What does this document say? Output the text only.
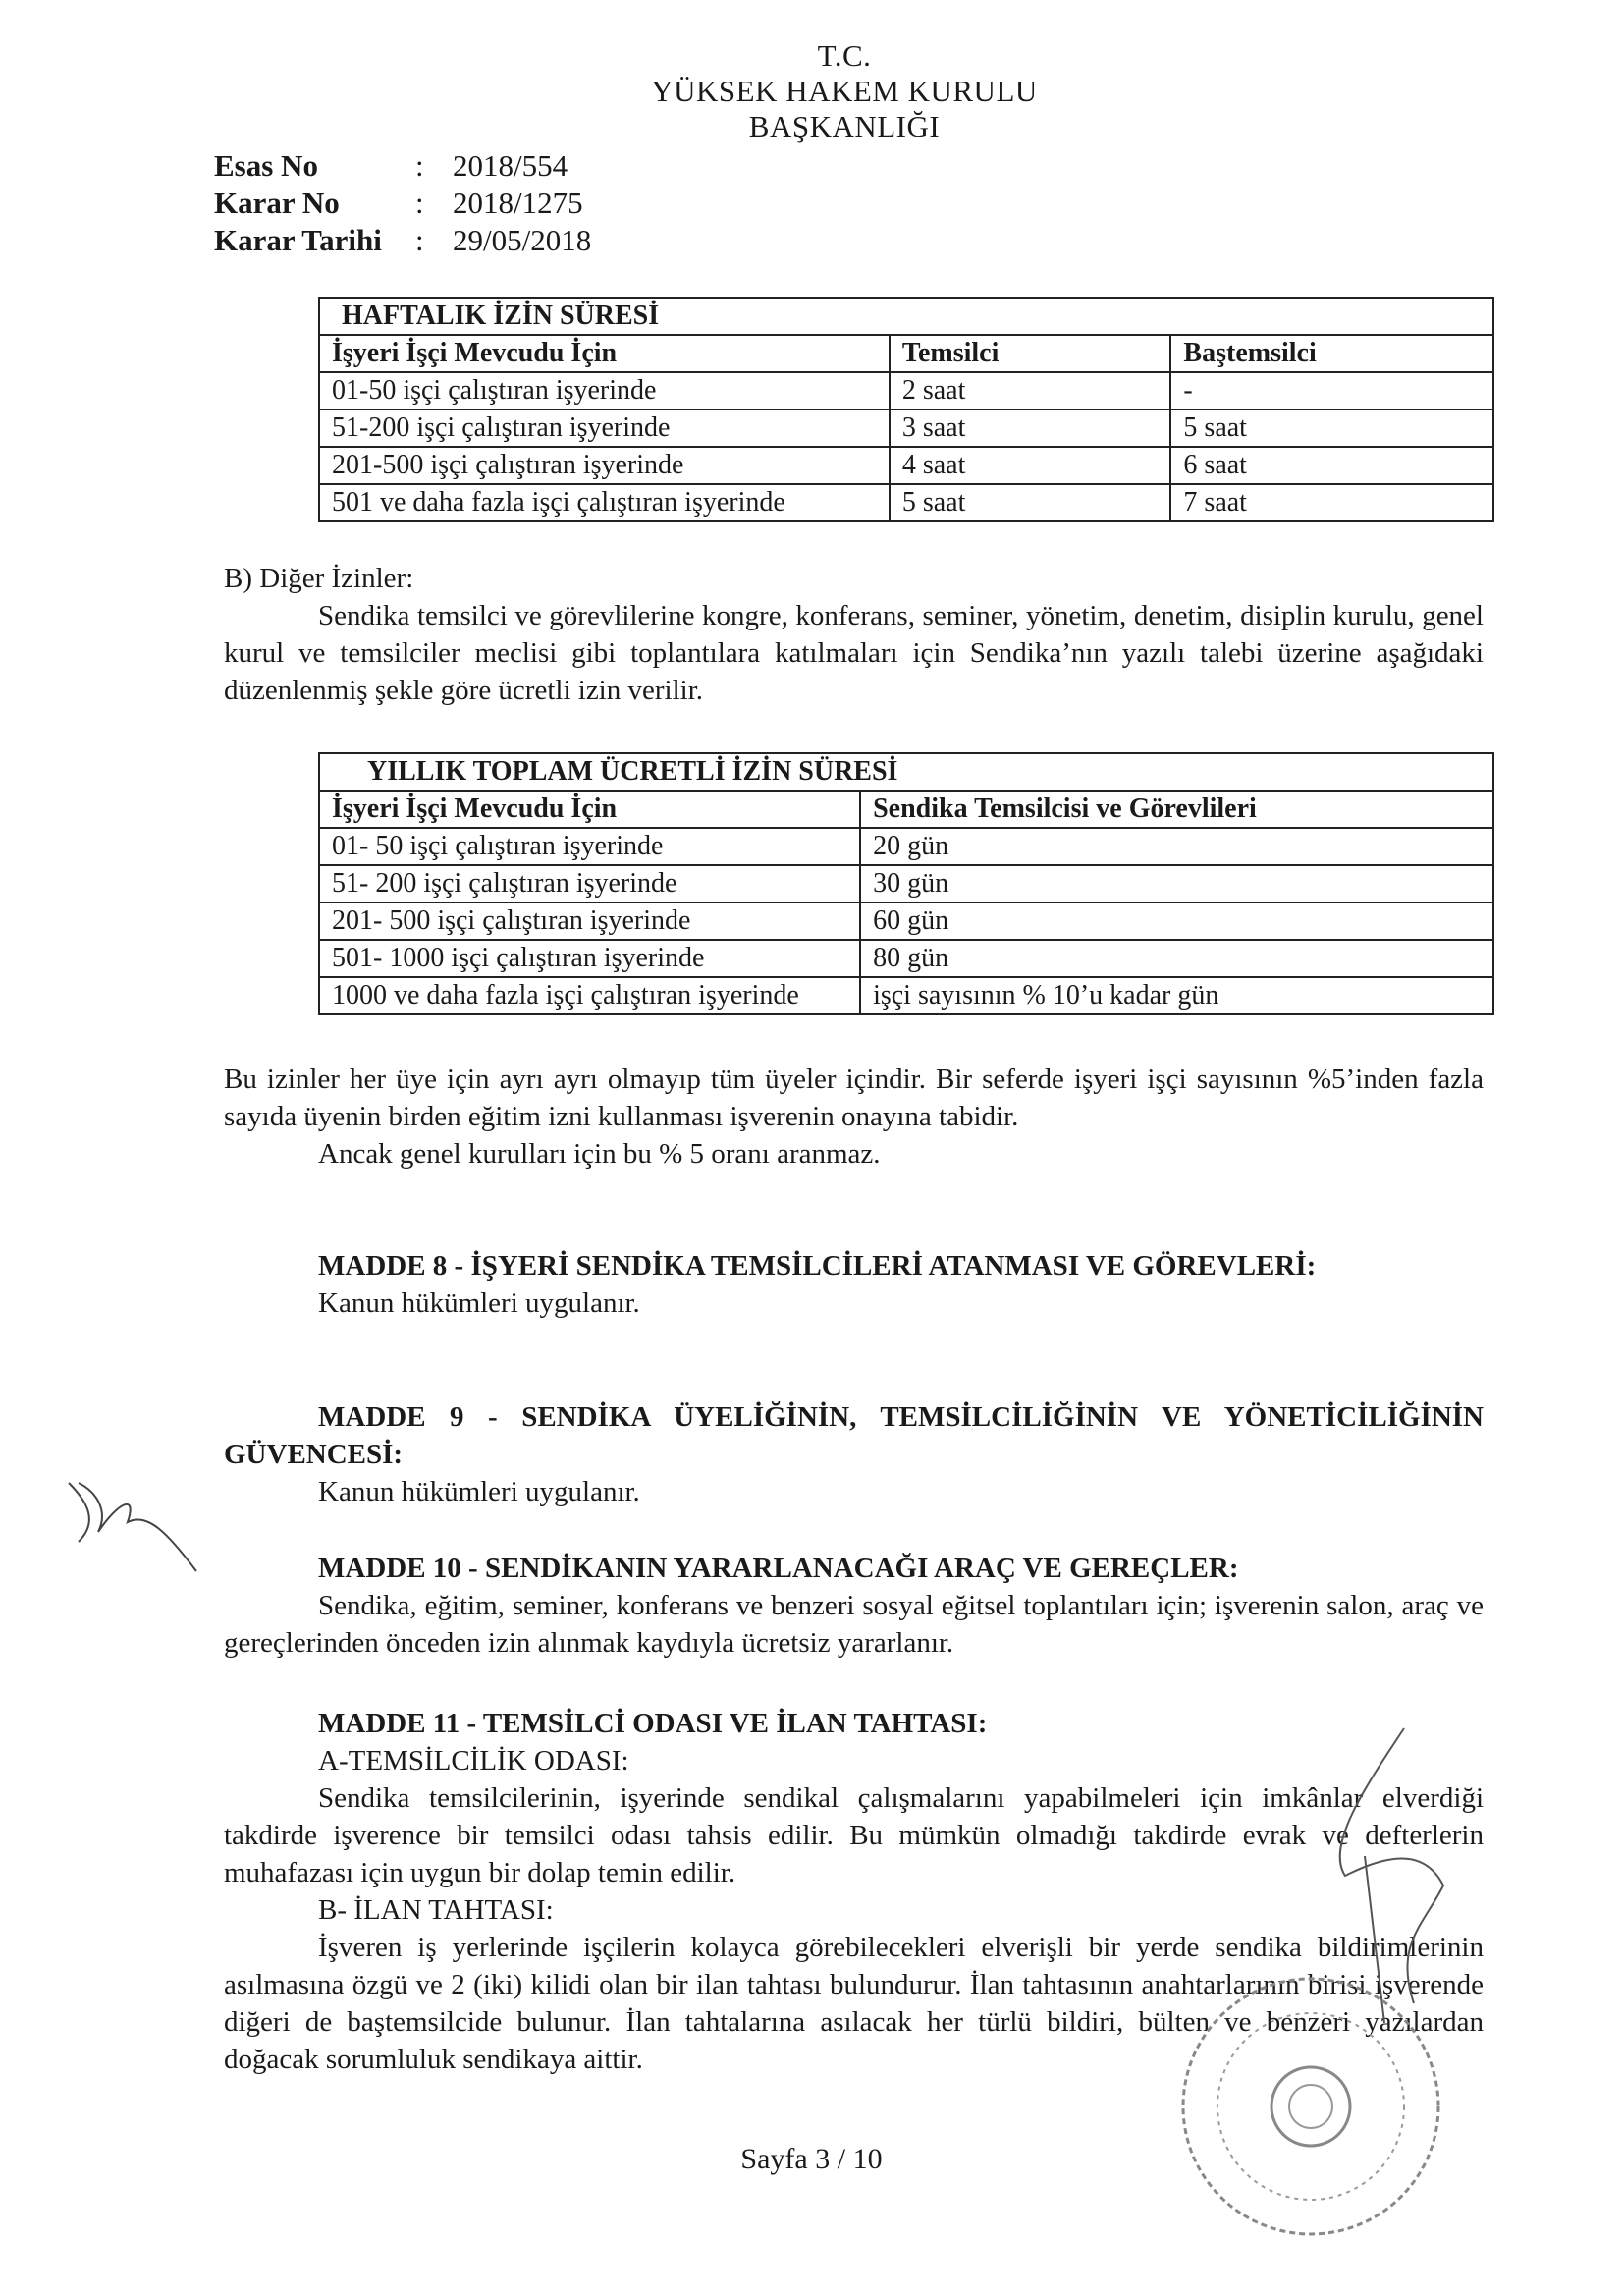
T.C.
YÜKSEK HAKEM KURULU
BAŞKANLIĞI
Esas No	: 2018/554
Karar No	: 2018/1275
Karar Tarihi	: 29/05/2018
HAFTALIK İZİN SÜRESİ		
İşyeri İşçi Mevcudu İçin	Temsilci	Baştemsilci
01-50 işçi çalıştıran işyerinde	2 saat	-
51-200 işçi çalıştıran işyerinde	3 saat	5 saat
201-500 işçi çalıştıran işyerinde	4 saat	6 saat
501 ve daha fazla işçi çalıştıran işyerinde	5 saat	7 saat

B) Diğer İzinler:

Sendika temsilci ve görevlilerine kongre, konferans, seminer, yönetim, denetim, disiplin kurulu, genel kurul ve temsilciler meclisi gibi toplantılara katılmaları için Sendika’nın yazılı talebi üzerine aşağıdaki düzenlenmiş şekle göre ücretli izin verilir.

YILLIK TOPLAM ÜCRETLİ İZİN SÜRESİ	
İşyeri İşçi Mevcudu İçin	Sendika Temsilcisi ve Görevlileri
01- 50 işçi çalıştıran işyerinde	20 gün
51- 200 işçi çalıştıran işyerinde	30 gün
201- 500 işçi çalıştıran işyerinde	60 gün
501- 1000 işçi çalıştıran işyerinde	80 gün
1000 ve daha fazla işçi çalıştıran işyerinde	işçi sayısının % 10’u kadar gün

Bu izinler her üye için ayrı ayrı olmayıp tüm üyeler içindir. Bir seferde işyeri işçi sayısının %5’inden fazla sayıda üyenin birden eğitim izni kullanması işverenin onayına tabidir.

Ancak genel kurulları için bu % 5 oranı aranmaz.

MADDE 8 - İŞYERİ SENDİKA TEMSİLCİLERİ ATANMASI VE GÖREVLERİ:

Kanun hükümleri uygulanır.

MADDE 9 - SENDİKA ÜYELİĞİNİN, TEMSİLCİLİĞİNİN VE YÖNETİCİLİĞİNİN GÜVENCESİ:

Kanun hükümleri uygulanır.

MADDE 10 - SENDİKANIN YARARLANACAĞI ARAÇ VE GEREÇLER:

Sendika, eğitim, seminer, konferans ve benzeri sosyal eğitsel toplantıları için; işverenin salon, araç ve gereçlerinden önceden izin alınmak kaydıyla ücretsiz yararlanır.

MADDE 11 - TEMSİLCİ ODASI VE İLAN TAHTASI:

A-TEMSİLCİLİK ODASI:

Sendika temsilcilerinin, işyerinde sendikal çalışmalarını yapabilmeleri için imkânlar elverdiği takdirde işverence bir temsilci odası tahsis edilir. Bu mümkün olmadığı takdirde evrak ve defterlerin muhafazası için uygun bir dolap temin edilir.

B- İLAN TAHTASI:

İşveren iş yerlerinde işçilerin kolayca görebilecekleri elverişli bir yerde sendika bildirimlerinin asılmasına özgü ve 2 (iki) kilidi olan bir ilan tahtası bulundurur. İlan tahtasının anahtarlarının birisi işverende diğeri de baştemsilcide bulunur. İlan tahtalarına asılacak her türlü bildiri, bülten ve benzeri yazılardan doğacak sorumluluk sendikaya aittir.

Sayfa 3 / 10
